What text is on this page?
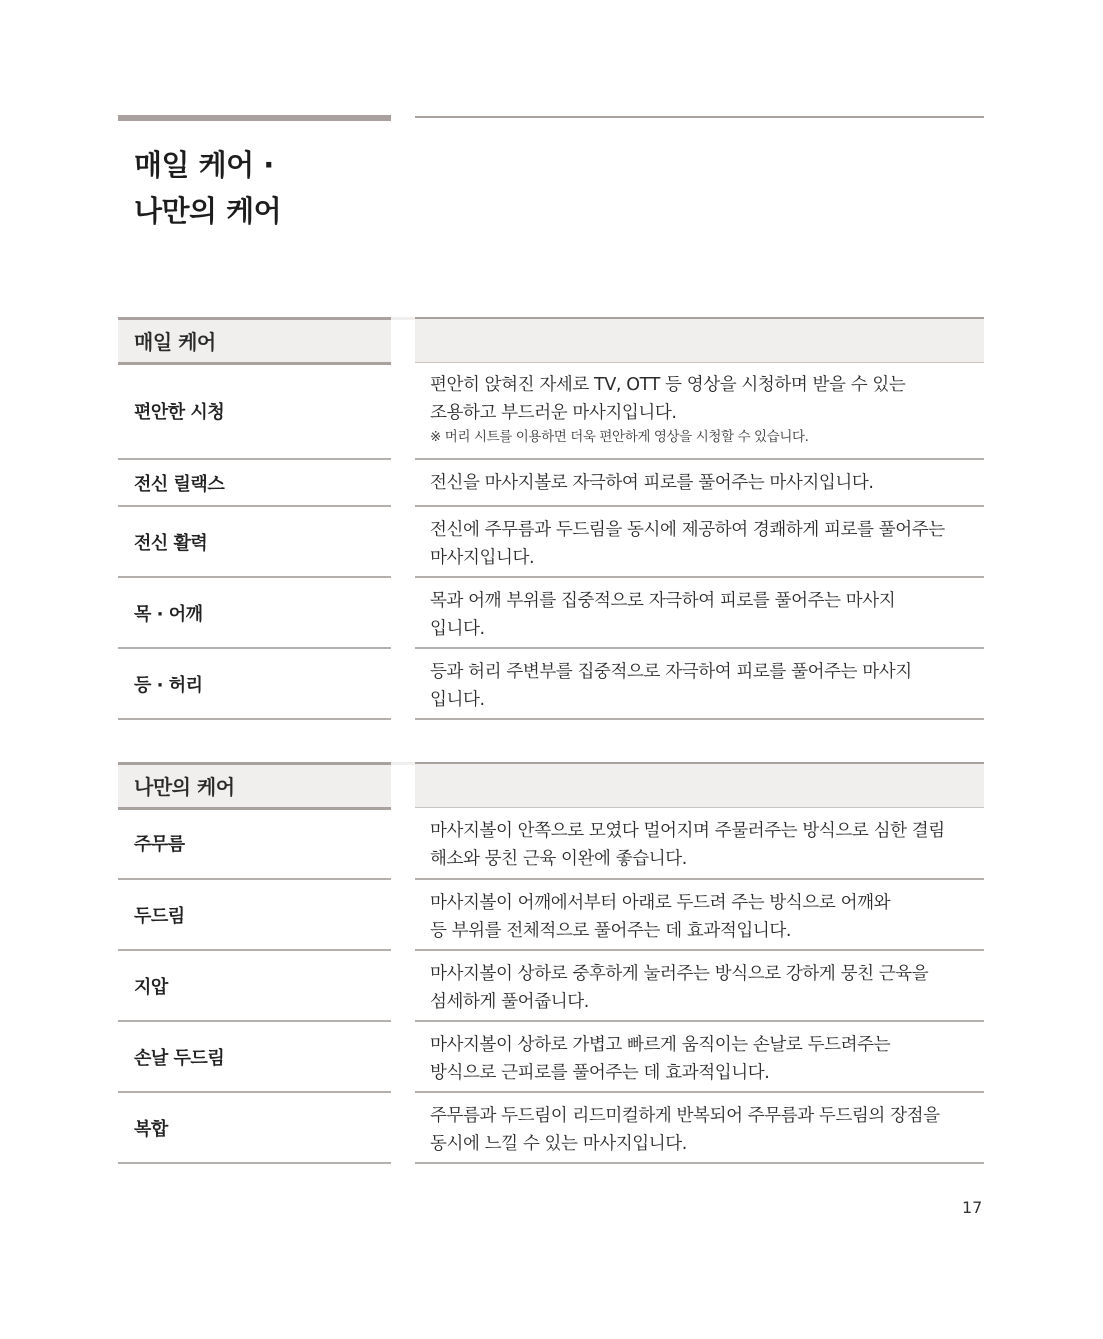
매일 케어 ·
나만의 케어
매일 케어
편안한 시청
편안히 앉혀진 자세로 TV, OTT 등 영상을 시청하며 받을 수 있는
조용하고 부드러운 마사지입니다.
※ 머리 시트를 이용하면 더욱 편안하게 영상을 시청할 수 있습니다.
전신 릴랙스	전신을 마사지볼로 자극하여 피로를 풀어주는 마사지입니다.
전신 활력
전신에 주무름과 두드림을 동시에 제공하여 경쾌하게 피로를 풀어주는
마사지입니다.
목 · 어깨
목과 어깨 부위를 집중적으로 자극하여 피로를 풀어주는 마사지
입니다.
등 · 허리
등과 허리 주변부를 집중적으로 자극하여 피로를 풀어주는 마사지
입니다.
나만의 케어
주무름
마사지볼이 안쪽으로 모였다 멀어지며 주물러주는 방식으로 심한 결림
해소와 뭉친 근육 이완에 좋습니다.
두드림
마사지볼이 어깨에서부터 아래로 두드려 주는 방식으로 어깨와
등 부위를 전체적으로 풀어주는 데 효과적입니다.
지압
마사지볼이 상하로 중후하게 눌러주는 방식으로 강하게 뭉친 근육을
섬세하게 풀어줍니다.
손날 두드림
마사지볼이 상하로 가볍고 빠르게 움직이는 손날로 두드려주는
방식으로 근피로를 풀어주는 데 효과적입니다.
복합
주무름과 두드림이 리드미컬하게 반복되어 주무름과 두드림의 장점을
동시에 느낄 수 있는 마사지입니다.
17
